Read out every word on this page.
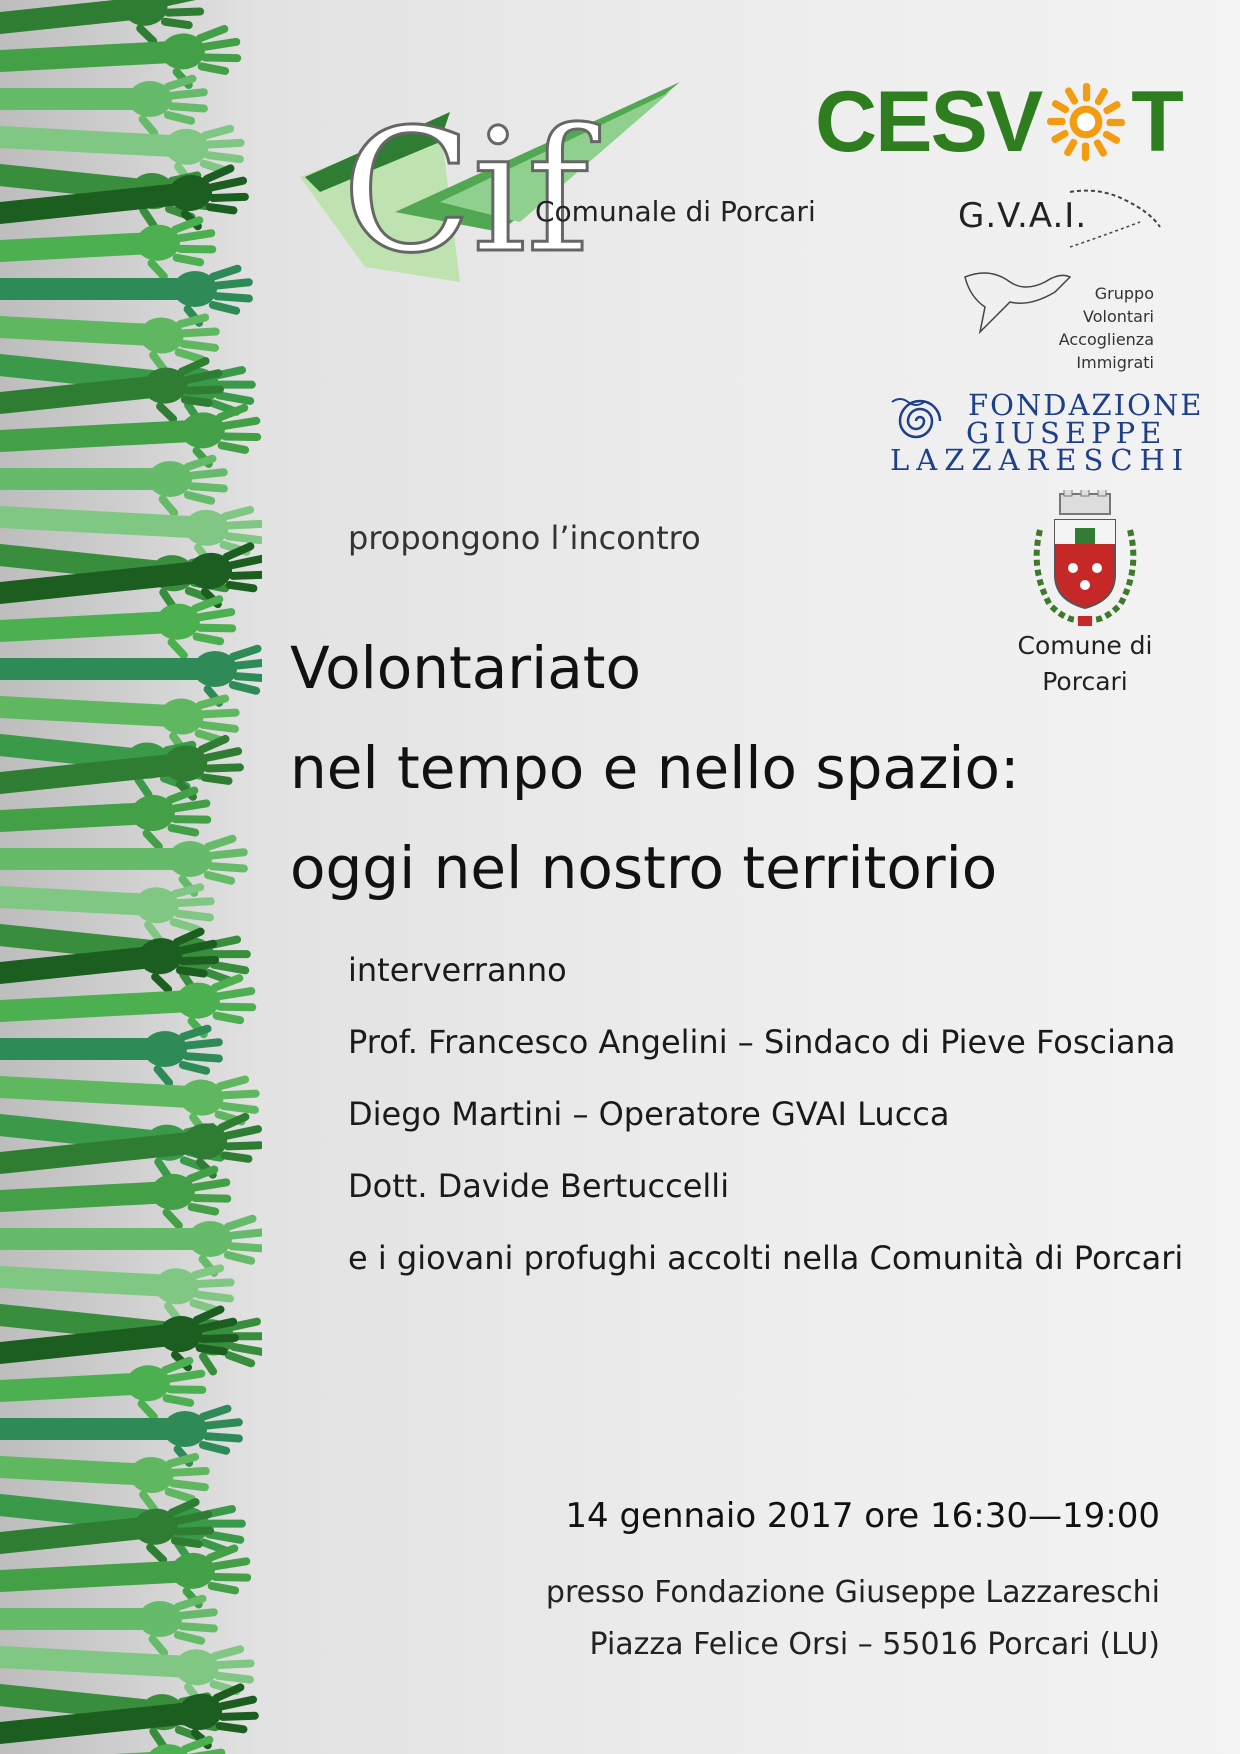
Cif
Comunale di Porcari
CESV T
G.V.A.I.
Gruppo
Volontari
Accoglienza
Immigrati
FONDAZIONE
GIUSEPPE
LAZZARESCHI
Comune di
Porcari
propongono l’incontro
Volontariato
nel tempo e nello spazio:
oggi nel nostro territorio
interverranno
Prof. Francesco Angelini – Sindaco di Pieve Fosciana
Diego Martini – Operatore GVAI Lucca
Dott. Davide Bertuccelli
e i giovani profughi accolti nella Comunità di Porcari
14 gennaio 2017 ore 16:30—19:00
presso Fondazione Giuseppe Lazzareschi
Piazza Felice Orsi – 55016 Porcari (LU)
